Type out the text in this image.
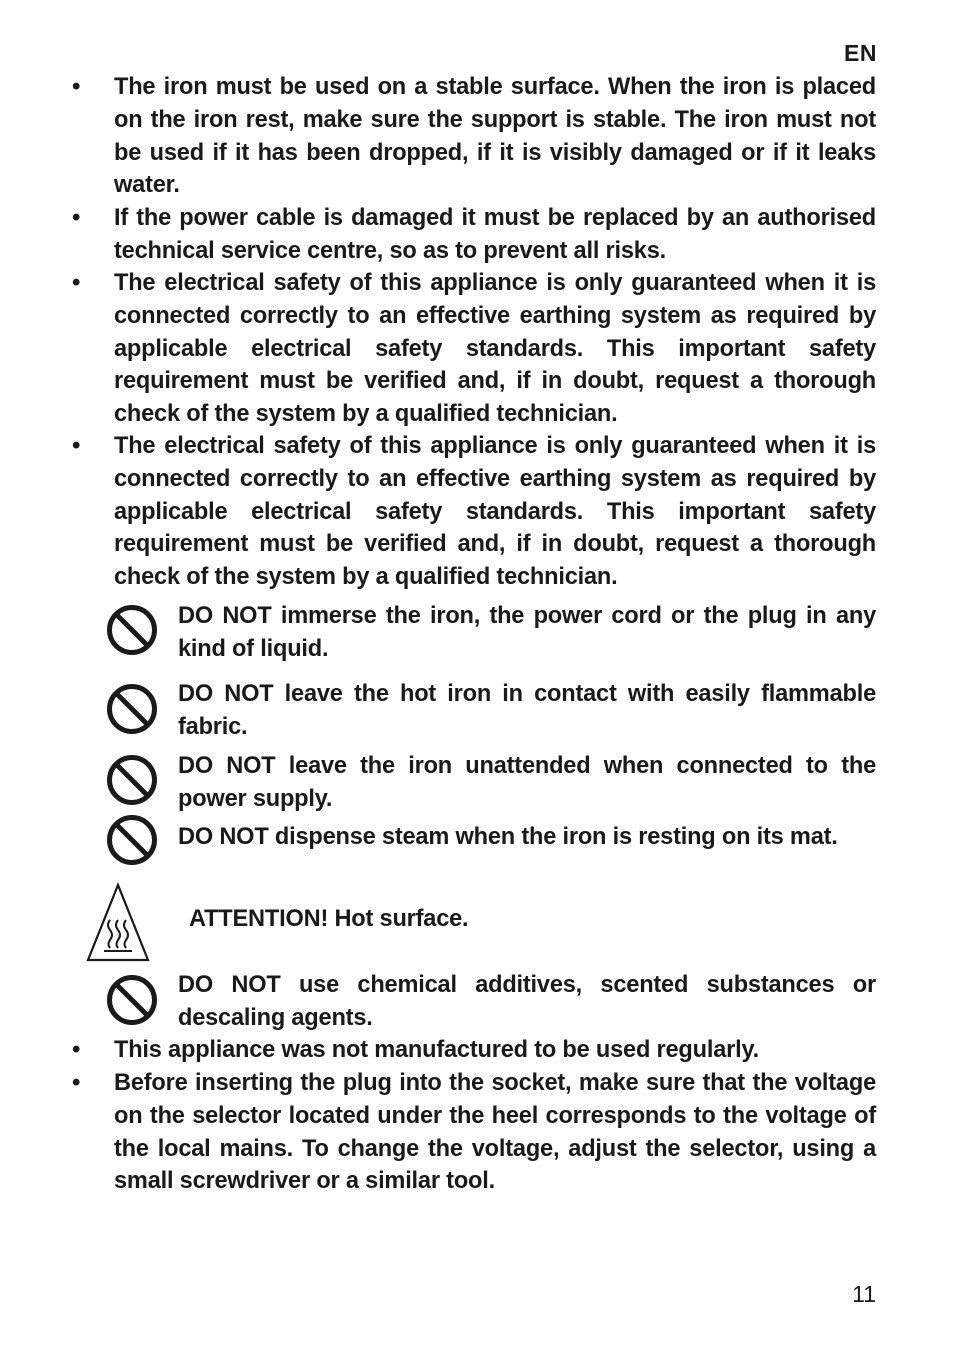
EN
• The iron must be used on a stable surface. When the iron is placed on the iron rest, make sure the support is stable. The iron must not be used if it has been dropped, if it is visibly damaged or if it leaks water.
• If the power cable is damaged it must be replaced by an authorised technical service centre, so as to prevent all risks.
• The electrical safety of this appliance is only guaranteed when it is connected correctly to an effective earthing system as required by applicable electrical safety standards. This important safety requirement must be verified and, if in doubt, request a thorough check of the system by a qualified technician.
• The electrical safety of this appliance is only guaranteed when it is connected correctly to an effective earthing system as required by applicable electrical safety standards. This important safety requirement must be verified and, if in doubt, request a thorough check of the system by a qualified technician.
DO NOT immerse the iron, the power cord or the plug in any kind of liquid.
DO NOT leave the hot iron in contact with easily flammable fabric.
DO NOT leave the iron unattended when connected to the power supply.
DO NOT dispense steam when the iron is resting on its mat.
ATTENTION! Hot surface.
DO NOT use chemical additives, scented substances or descaling agents.
• This appliance was not manufactured to be used regularly.
• Before inserting the plug into the socket, make sure that the voltage on the selector located under the heel corresponds to the voltage of the local mains. To change the voltage, adjust the selector, using a small screwdriver or a similar tool.
11
